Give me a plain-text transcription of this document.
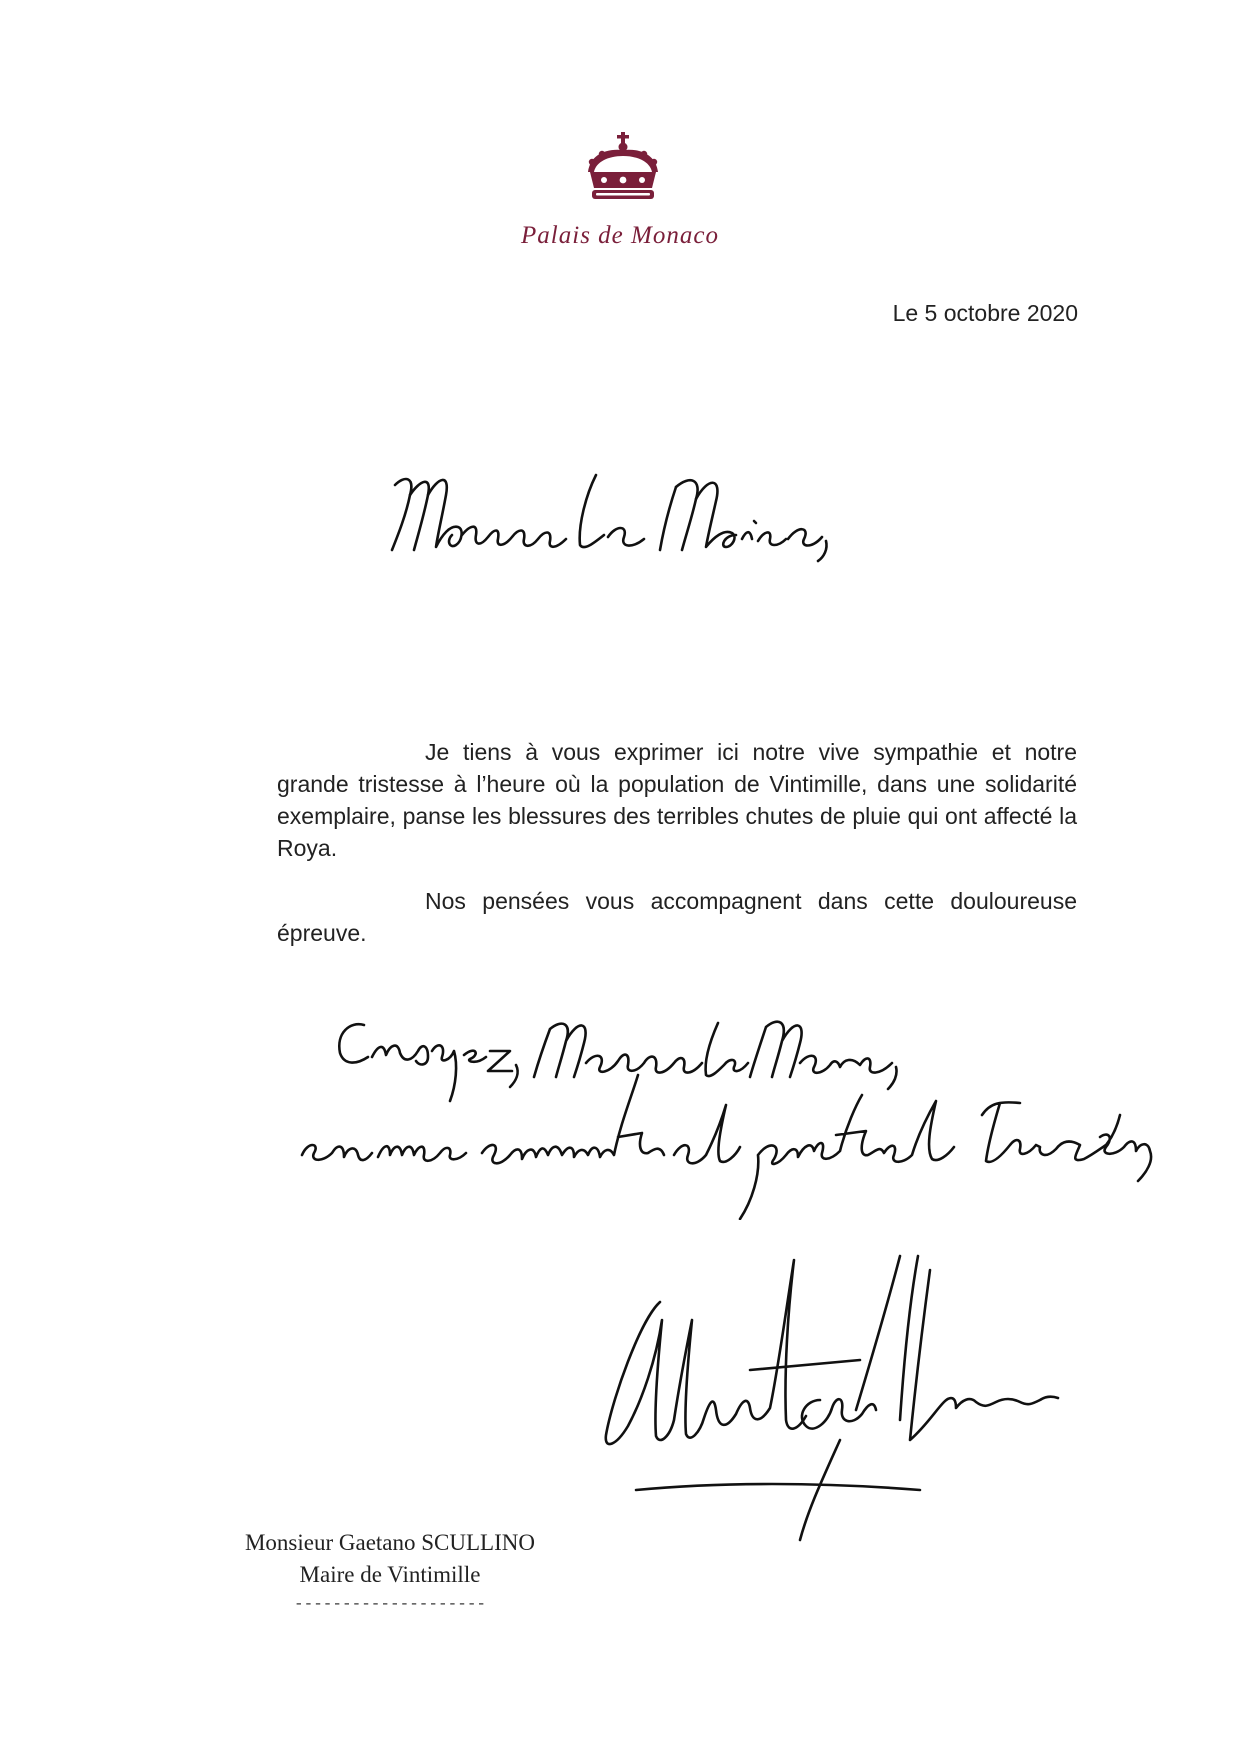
Palais de Monaco
Le 5 octobre 2020

Je tiens à vous exprimer ici notre vive sympathie et notre grande tristesse à l’heure où la population de Vintimille, dans une solidarité exemplaire, panse les blessures des terribles chutes de pluie qui ont affecté la Roya.

Nos pensées vous accompagnent dans cette douloureuse épreuve.

Monsieur Gaetano SCULLINO
Maire de Vintimille
--------------------
